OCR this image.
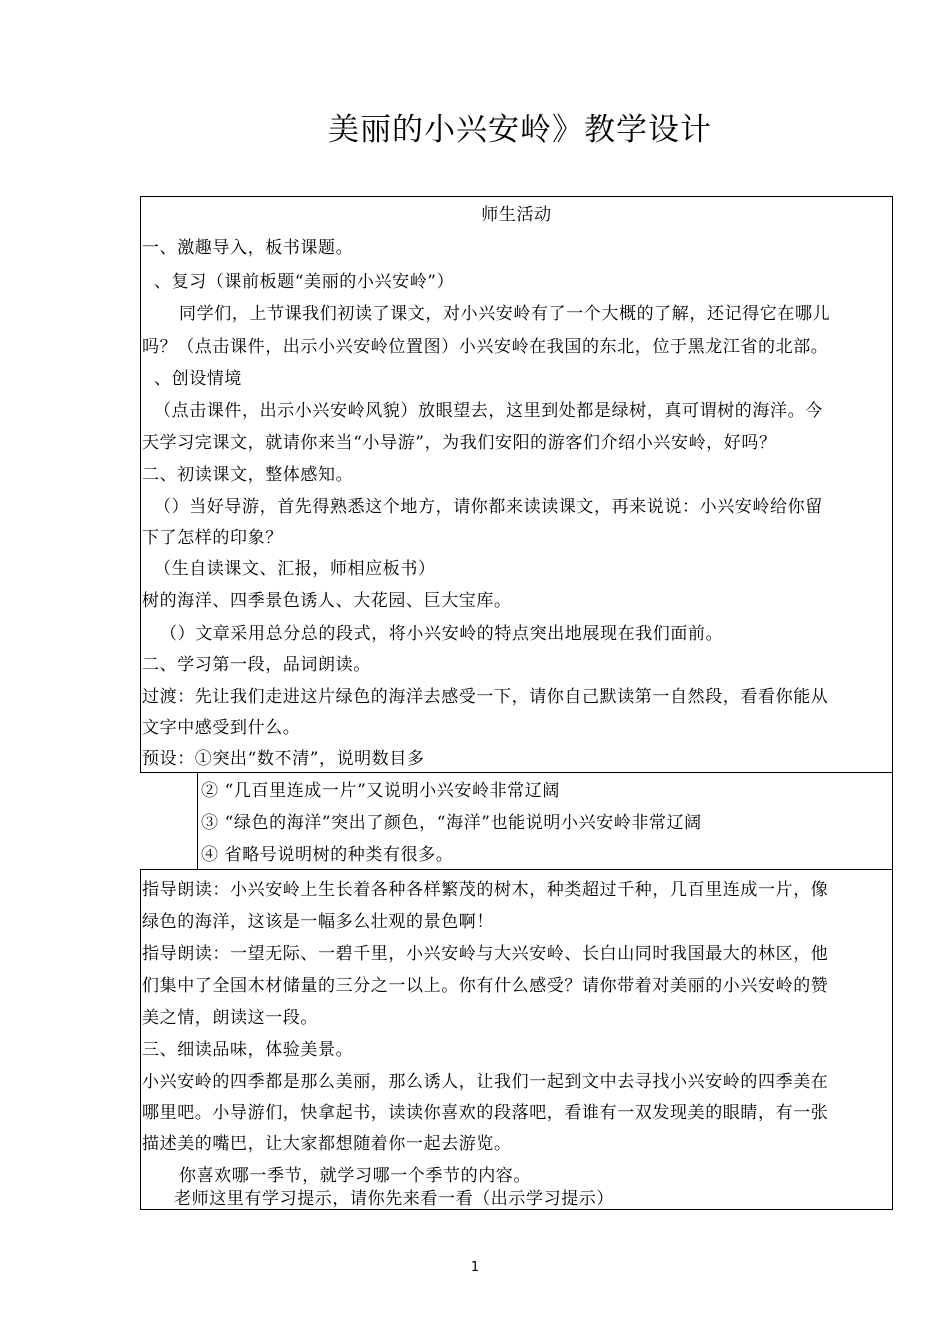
美丽的小兴安岭》教学设计
师生活动
一、激趣导入，板书课题。
、复习（课前板题“美丽的小兴安岭”）
同学们，上节课我们初读了课文，对小兴安岭有了一个大概的了解，还记得它在哪儿
吗？（点击课件，出示小兴安岭位置图）小兴安岭在我国的东北，位于黑龙江省的北部。
、创设情境
（点击课件，出示小兴安岭风貌）放眼望去，这里到处都是绿树，真可谓树的海洋。今
天学习完课文，就请你来当“小导游”，为我们安阳的游客们介绍小兴安岭，好吗？
二、初读课文，整体感知。
（）当好导游，首先得熟悉这个地方，请你都来读读课文，再来说说：小兴安岭给你留
下了怎样的印象？
（生自读课文、汇报，师相应板书）
树的海洋、四季景色诱人、大花园、巨大宝库。
（）文章采用总分总的段式，将小兴安岭的特点突出地展现在我们面前。
二、学习第一段，品词朗读。
过渡：先让我们走进这片绿色的海洋去感受一下，请你自己默读第一自然段，看看你能从
文字中感受到什么。
预设：①突出“数不清”，说明数目多
② “几百里连成一片”又说明小兴安岭非常辽阔
③ “绿色的海洋”突出了颜色，“海洋”也能说明小兴安岭非常辽阔
④ 省略号说明树的种类有很多。
指导朗读：小兴安岭上生长着各种各样繁茂的树木，种类超过千种，几百里连成一片，像
绿色的海洋，这该是一幅多么壮观的景色啊！
指导朗读：一望无际、一碧千里，小兴安岭与大兴安岭、长白山同时我国最大的林区，他
们集中了全国木材储量的三分之一以上。你有什么感受？请你带着对美丽的小兴安岭的赞
美之情，朗读这一段。
三、细读品味，体验美景。
小兴安岭的四季都是那么美丽，那么诱人，让我们一起到文中去寻找小兴安岭的四季美在
哪里吧。小导游们，快拿起书，读读你喜欢的段落吧，看谁有一双发现美的眼睛，有一张
描述美的嘴巴，让大家都想随着你一起去游览。
你喜欢哪一季节，就学习哪一个季节的内容。
老师这里有学习提示，请你先来看一看（出示学习提示）
1
